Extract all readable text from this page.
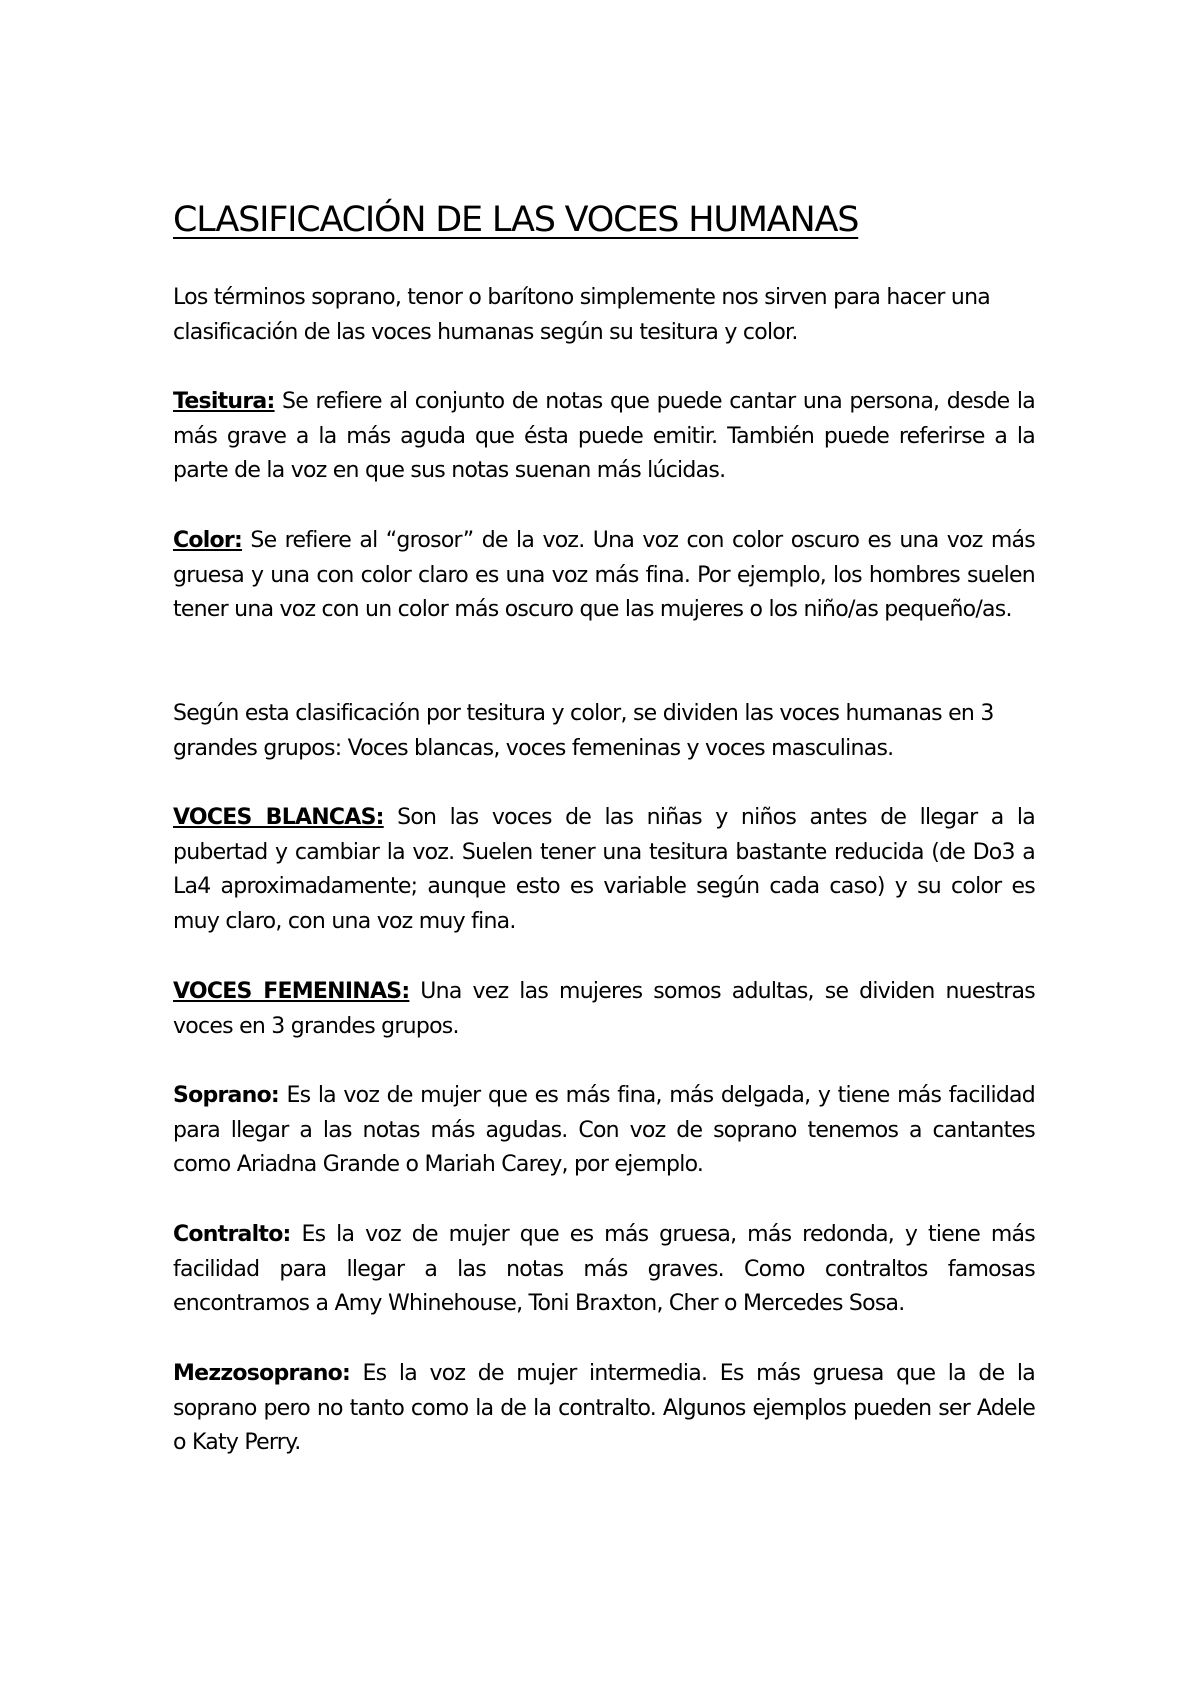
CLASIFICACIÓN DE LAS VOCES HUMANAS

Los términos soprano, tenor o barítono simplemente nos sirven para hacer una clasificación de las voces humanas según su tesitura y color.

Tesitura: Se refiere al conjunto de notas que puede cantar una persona, desde la más grave a la más aguda que ésta puede emitir. También puede referirse a la parte de la voz en que sus notas suenan más lúcidas.

Color: Se refiere al “grosor” de la voz. Una voz con color oscuro es una voz más gruesa y una con color claro es una voz más fina. Por ejemplo, los hombres suelen tener una voz con un color más oscuro que las mujeres o los niño/as pequeño/as.

Según esta clasificación por tesitura y color, se dividen las voces humanas en 3 grandes grupos: Voces blancas, voces femeninas y voces masculinas.

VOCES BLANCAS: Son las voces de las niñas y niños antes de llegar a la pubertad y cambiar la voz. Suelen tener una tesitura bastante reducida (de Do3 a La4 aproximadamente; aunque esto es variable según cada caso) y su color es muy claro, con una voz muy fina.

VOCES FEMENINAS: Una vez las mujeres somos adultas, se dividen nuestras voces en 3 grandes grupos.

Soprano: Es la voz de mujer que es más fina, más delgada, y tiene más facilidad para llegar a las notas más agudas. Con voz de soprano tenemos a cantantes como Ariadna Grande o Mariah Carey, por ejemplo.

Contralto: Es la voz de mujer que es más gruesa, más redonda, y tiene más facilidad para llegar a las notas más graves. Como contraltos famosas encontramos a Amy Whinehouse, Toni Braxton, Cher o Mercedes Sosa.

Mezzosoprano: Es la voz de mujer intermedia. Es más gruesa que la de la soprano pero no tanto como la de la contralto. Algunos ejemplos pueden ser Adele o Katy Perry.
